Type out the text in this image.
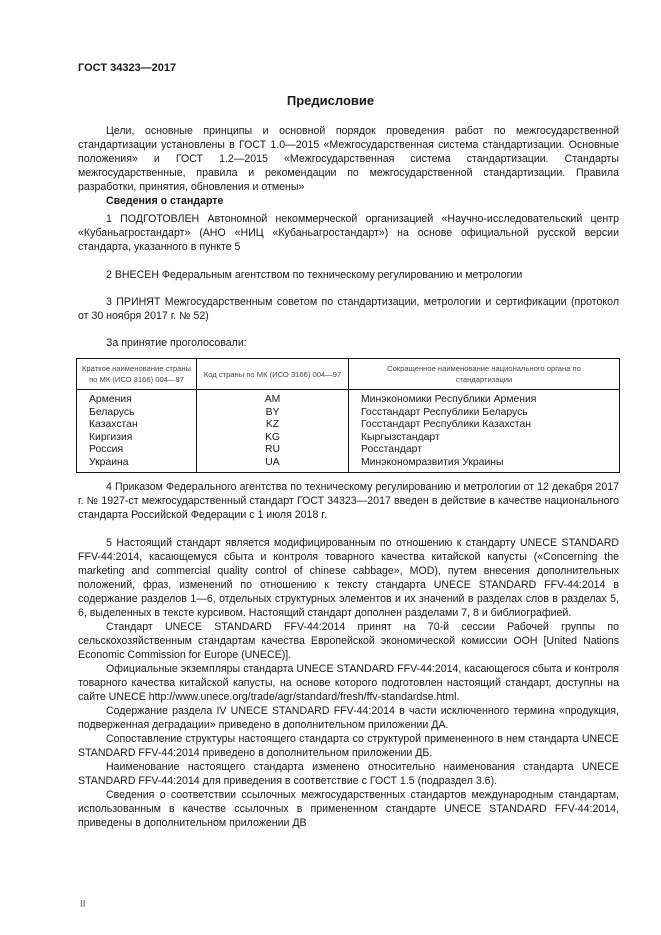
ГОСТ 34323—2017
Предисловие

Цели, основные принципы и основной порядок проведения работ по межгосударственной стандартизации установлены в ГОСТ 1.0—2015 «Межгосударственная система стандартизации. Основные положения» и ГОСТ 1.2—2015 «Межгосударственная система стандартизации. Стандарты межгосударственные, правила и рекомендации по межгосударственной стандартизации. Правила разработки, принятия, обновления и отмены»

Сведения о стандарте

1 ПОДГОТОВЛЕН Автономной некоммерческой организацией «Научно-исследовательский центр «Кубаньагростандарт» (АНО «НИЦ «Кубаньагростандарт») на основе официальной русской версии стандарта, указанного в пункте 5

2 ВНЕСЕН Федеральным агентством по техническому регулированию и метрологии

3 ПРИНЯТ Межгосударственным советом по стандартизации, метрологии и сертификации (протокол от 30 ноября 2017 г. № 52)

За принятие проголосовали:

Краткое наименование страны по МК (ИСО 3166) 004—97	Код страны по МК (ИСО 3166) 004—97	Сокращенное наименование национального органа по стандартизации
Армения	AM	Минэкономики Республики Армения
Беларусь	BY	Госстандарт Республики Беларусь
Казахстан	KZ	Госстандарт Республики Казахстан
Киргизия	KG	Кыргызстандарт
Россия	RU	Росстандарт
Украина	UA	Минэкономразвития Украины

4 Приказом Федерального агентства по техническому регулированию и метрологии от 12 декабря 2017 г. № 1927-ст межгосударственный стандарт ГОСТ 34323—2017 введен в действие в качестве национального стандарта Российской Федерации с 1 июля 2018 г.

5 Настоящий стандарт является модифицированным по отношению к стандарту UNECE STANDARD FFV-44:2014, касающемуся сбыта и контроля товарного качества китайской капусты («Concerning the marketing and commercial quality control of chinese cabbage», MOD), путем внесения дополнительных положений, фраз, изменений по отношению к тексту стандарта UNECE STANDARD FFV-44:2014 в содержание разделов 1—6, отдельных структурных элементов и их значений в разделах слов в разделах 5, 6, выделенных в тексте курсивом. Настоящий стандарт дополнен разделами 7, 8 и библиографией.

Стандарт UNECE STANDARD FFV-44:2014 принят на 70-й сессии Рабочей группы по сельскохозяйственным стандартам качества Европейской экономической комиссии ООН [United Nations Economic Commission for Europe (UNECE)].

Официальные экземпляры стандарта UNECE STANDARD FFV-44:2014, касающегося сбыта и контроля товарного качества китайской капусты, на основе которого подготовлен настоящий стандарт, доступны на сайте UNECE http://www.unece.org/trade/agr/standard/fresh/ffv-standardse.html.

Содержание раздела IV UNECE STANDARD FFV-44:2014 в части исключенного термина «продукция, подверженная деградации» приведено в дополнительном приложении ДА.

Сопоставление структуры настоящего стандарта со структурой примененного в нем стандарта UNECE STANDARD FFV-44:2014 приведено в дополнительном приложении ДБ.

Наименование настоящего стандарта изменено относительно наименования стандарта UNECE STANDARD FFV-44:2014 для приведения в соответствие с ГОСТ 1.5 (подраздел 3.6).

Сведения о соответствии ссылочных межгосударственных стандартов международным стандартам, использованным в качестве ссылочных в примененном стандарте UNECE STANDARD FFV-44:2014, приведены в дополнительном приложении ДВ

II
